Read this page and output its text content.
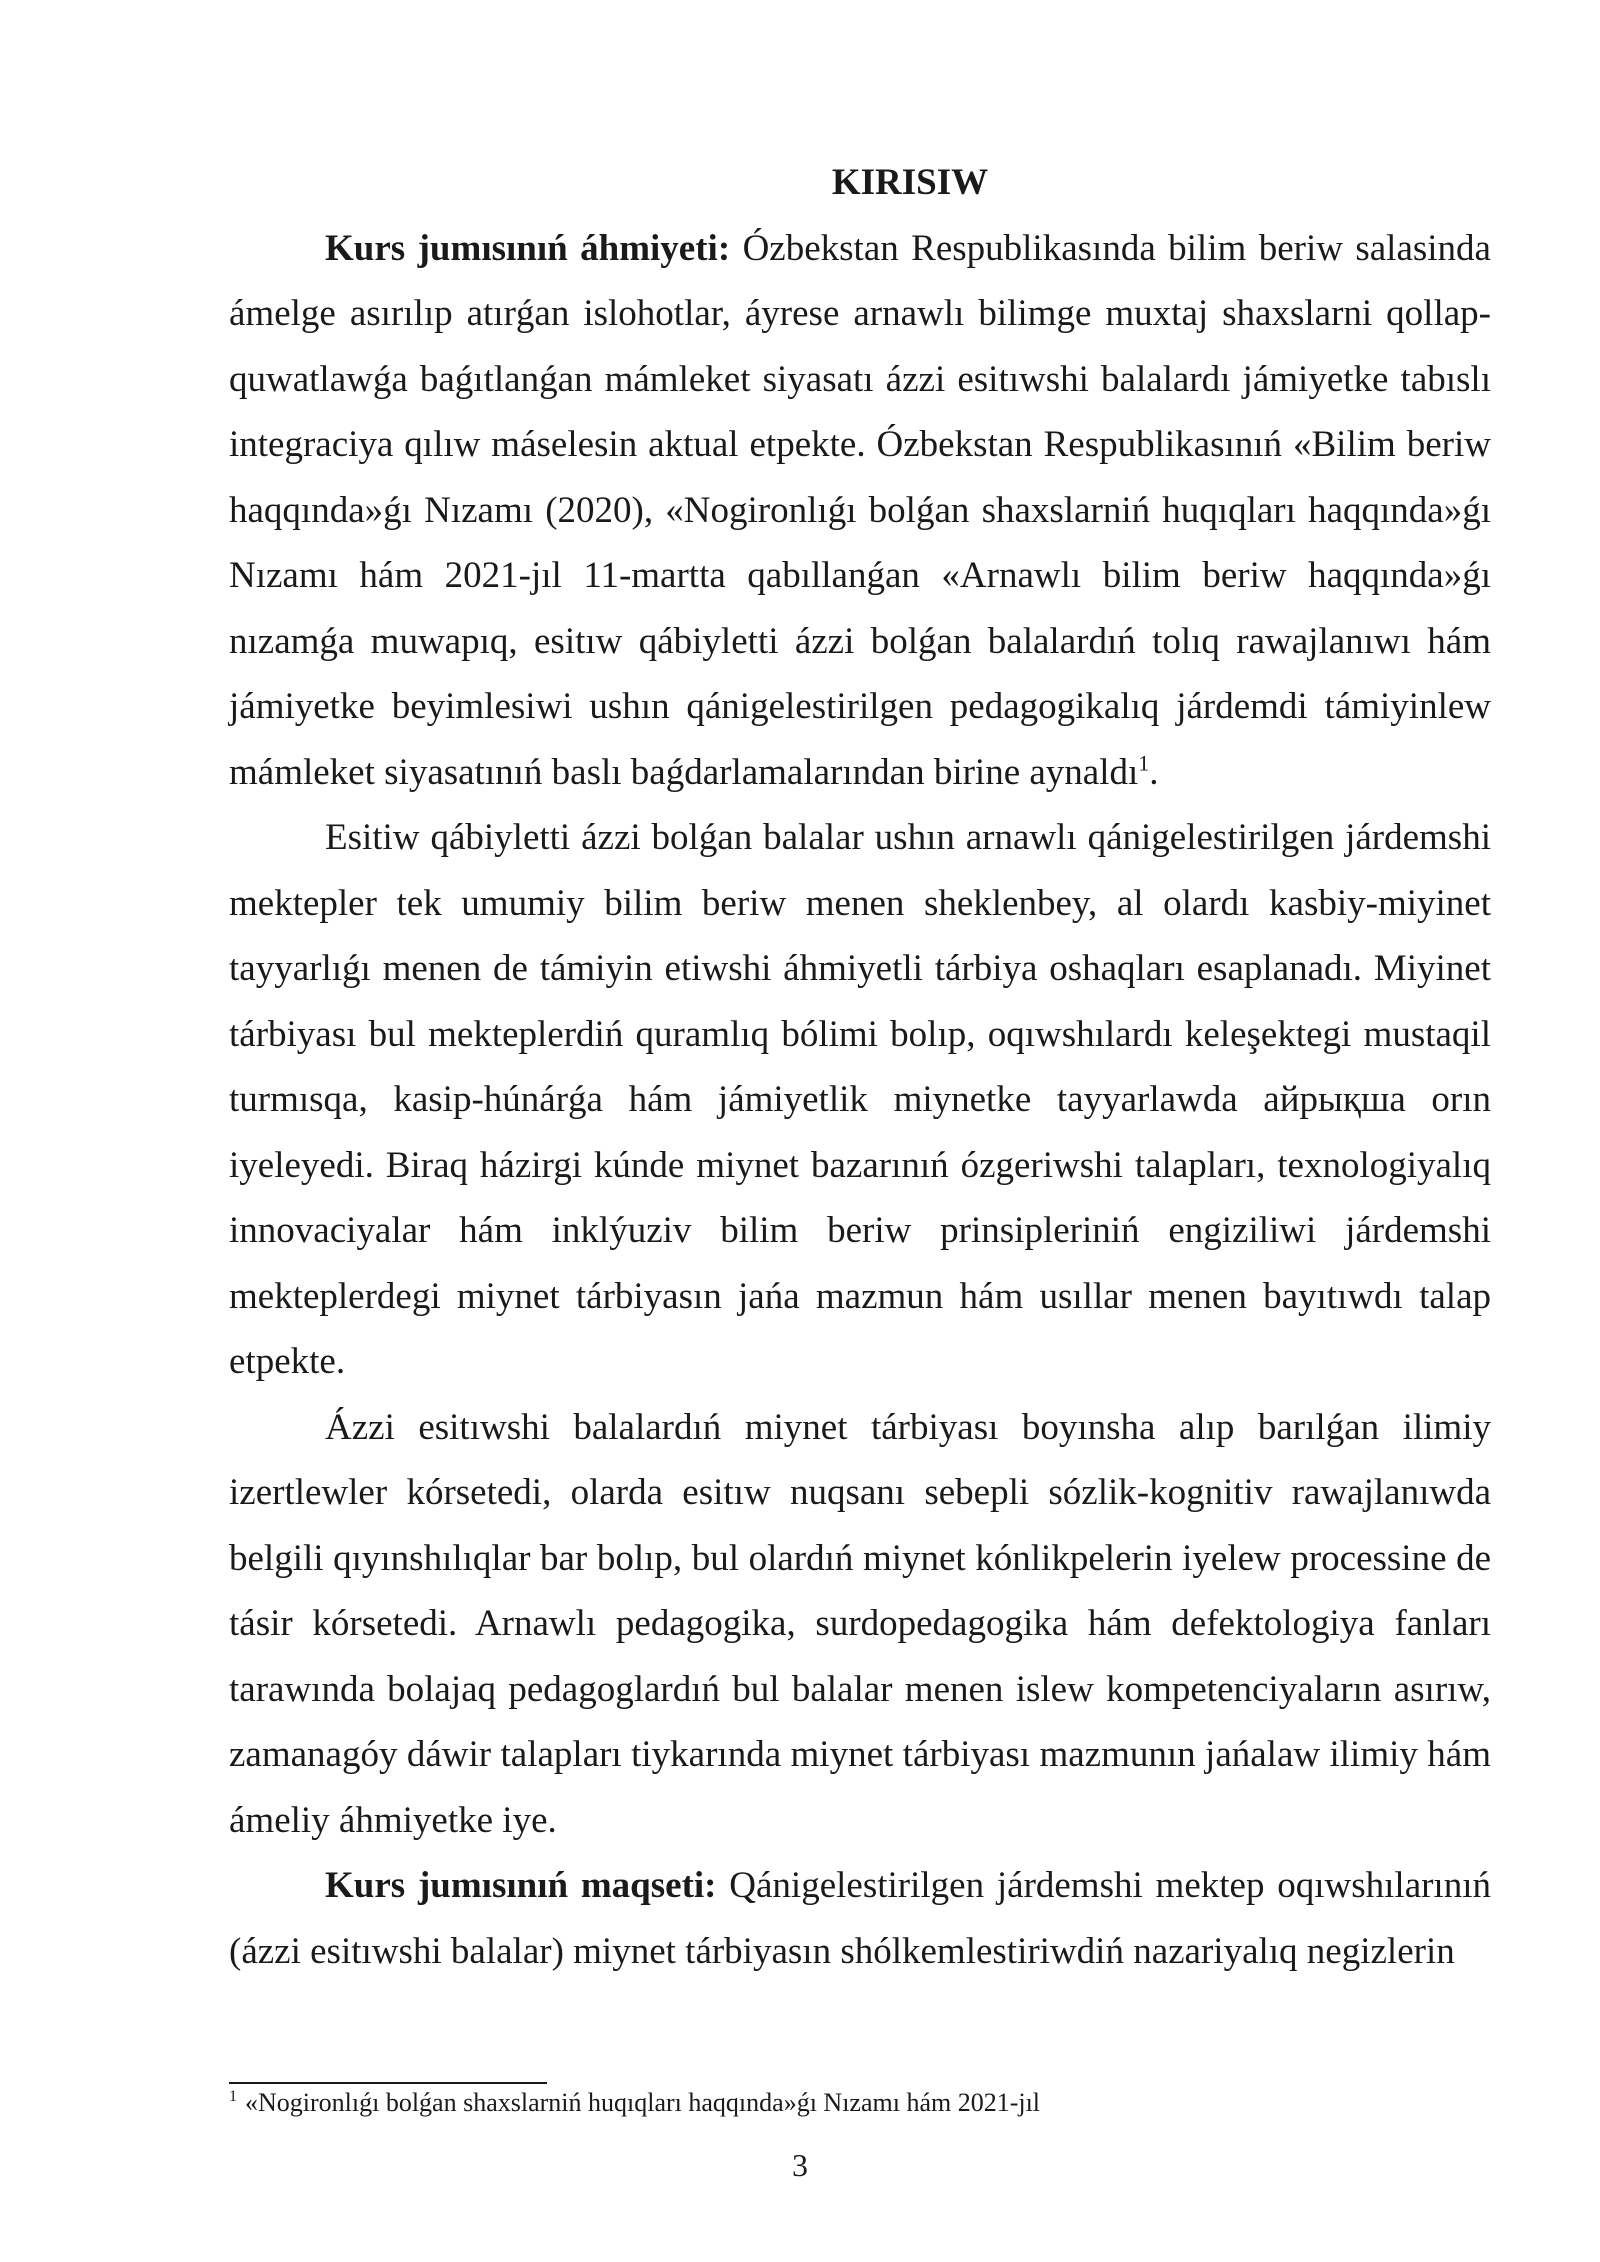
KIRISIW

Kurs jumısınıń áhmiyeti: Ózbekstan Respublikasında bilim beriw salasinda ámelge asırılıp atırǵan islohotlar, áyrese arnawlı bilimge muxtaj shaxslarni qollap-quwatlawǵa baǵıtlanǵan mámleket siyasatı ázzi esitıwshi balalardı jámiyetke tabıslı integraciya qılıw máselesin aktual etpekte. Ózbekstan Respublikasınıń «Bilim beriw haqqında»ǵı Nızamı (2020), «Nogironlıǵı bolǵan shaxslarniń huqıqları haqqında»ǵı Nızamı hám 2021-jıl 11-martta qabıllanǵan «Arnawlı bilim beriw haqqında»ǵı nızamǵa muwapıq, esitıw qábiyletti ázzi bolǵan balalardıń tolıq rawajlanıwı hám jámiyetke beyimlesiwi ushın qánigelestirilgen pedagogikalıq járdemdi támiyinlew mámleket siyasatınıń baslı baǵdarlamalarından birine aynaldı$^1$.

Esitiw qábiyletti ázzi bolǵan balalar ushın arnawlı qánigelestirilgen járdemshi mektepler tek umumiy bilim beriw menen sheklenbey, al olardı kasbiy-miyinet tayyarlıǵı menen de támiyin etiwshi áhmiyetli tárbiya oshaqları esaplanadı. Miyinet tárbiyası bul mekteplerdiń quramlıq bólimi bolıp, oqıwshılardı keleşektegi mustaqil turmısqa, kasip-húnárǵa hám jámiyetlik miynetke tayyarlawda айрықша orın iyeleyedi. Biraq házirgi kúnde miynet bazarınıń ózgeriwshi talapları, texnologiyalıq innovaciyalar hám inklýuziv bilim beriw prinsipleriniń engiziliwi járdemshi mekteplerdegi miynet tárbiyasın jańa mazmun hám usıllar menen bayıtıwdı talap etpekte.

Ázzi esitıwshi balalardıń miynet tárbiyası boyınsha alıp barılǵan ilimiy izertlewler kórsetedi, olarda esitıw nuqsanı sebepli sózlik-kognitiv rawajlanıwda belgili qıyınshılıqlar bar bolıp, bul olardıń miynet kónlikpelerin iyelew processine de tásir kórsetedi. Arnawlı pedagogika, surdopedagogika hám defektologiya fanları tarawında bolajaq pedagoglardıń bul balalar menen islew kompetenciyaların asırıw, zamanagóy dáwir talapları tiykarında miynet tárbiyası mazmunın jańalaw ilimiy hám ámeliy áhmiyetke iye.

Kurs jumısınıń maqseti: Qánigelestirilgen járdemshi mektep oqıwshılarınıń (ázzi esitıwshi balalar) miynet tárbiyasın shólkemlestiriwdiń nazariyalıq negizlerin

$^1$ «Nogironlıǵı bolǵan shaxslarniń huqıqları haqqında»ǵı Nızamı hám 2021-jıl
3
